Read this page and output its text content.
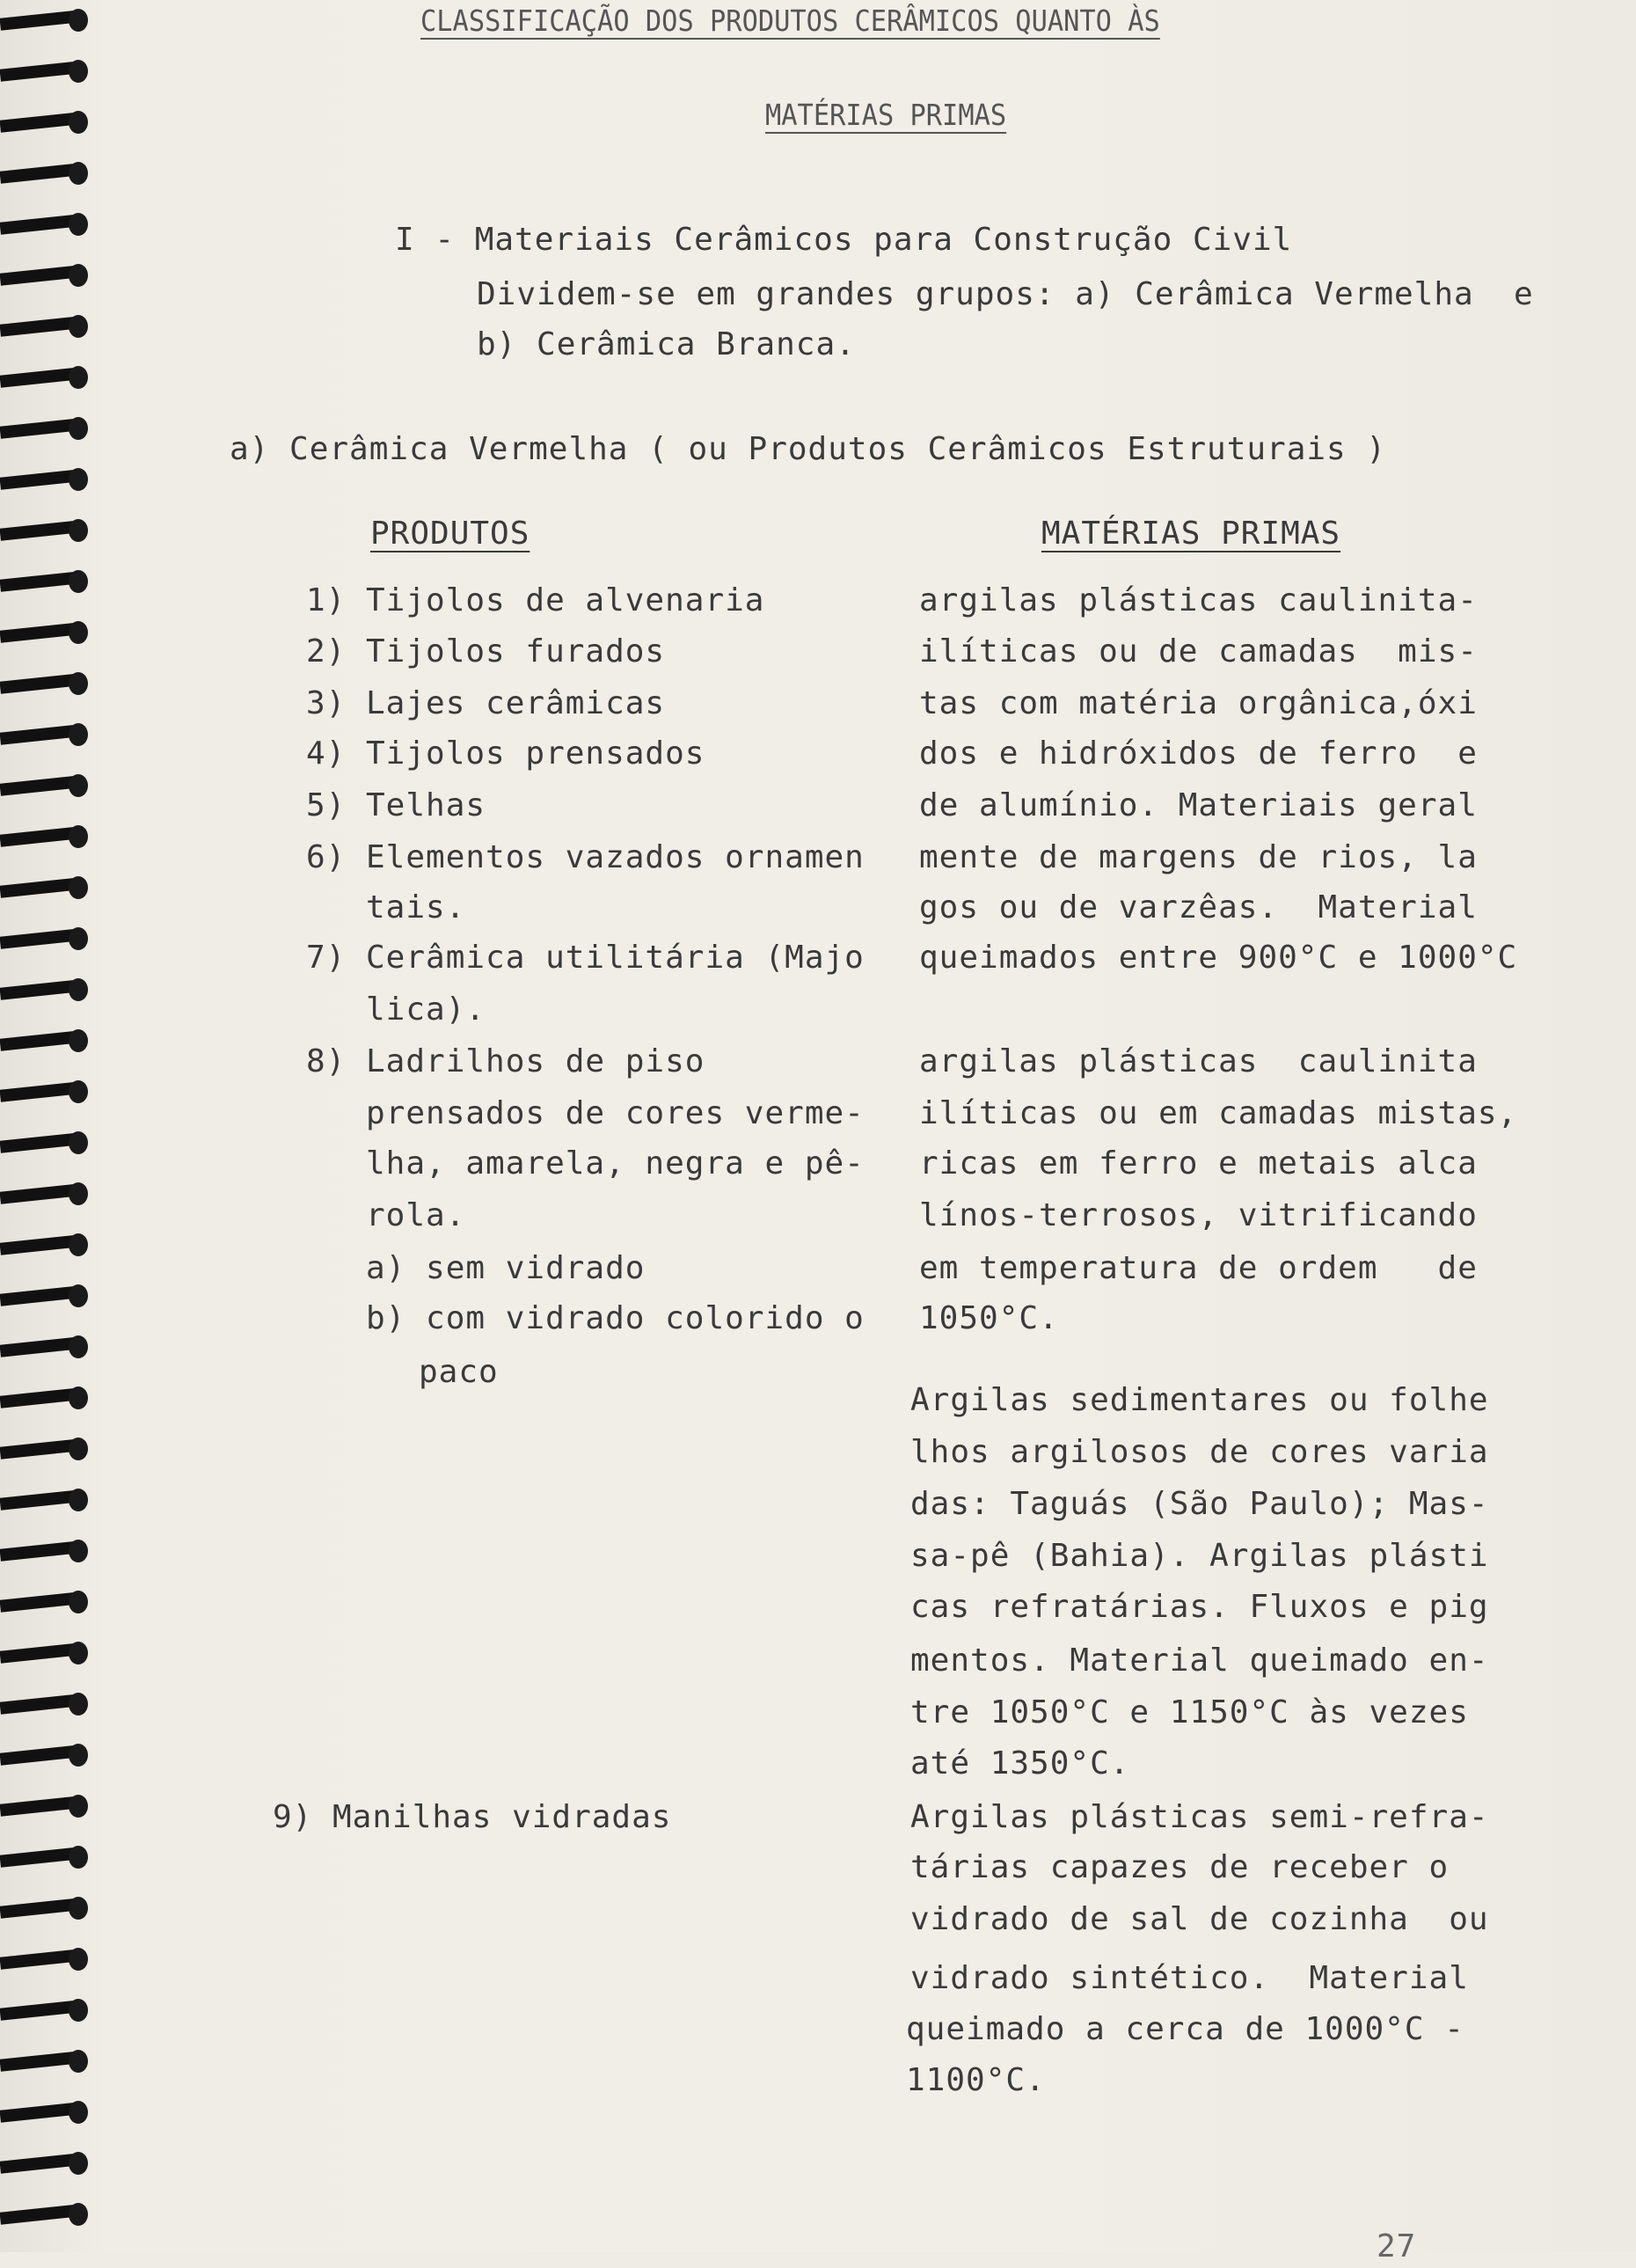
CLASSIFICAÇÃO DOS PRODUTOS CERÂMICOS QUANTO ÀS
MATÉRIAS PRIMAS
I - Materiais Cerâmicos para Construção Civil
Dividem-se em grandes grupos: a) Cerâmica Vermelha  e
b) Cerâmica Branca.
a) Cerâmica Vermelha ( ou Produtos Cerâmicos Estruturais )
PRODUTOS	MATÉRIAS PRIMAS
1) Tijolos de alvenaria
2) Tijolos furados
3) Lajes cerâmicas
4) Tijolos prensados
5) Telhas
6) Elementos vazados ornamen
tais.
7) Cerâmica utilitária (Majo
lica).
8) Ladrilhos de piso
prensados de cores verme-
lha, amarela, negra e pê-
rola.
a) sem vidrado
b) com vidrado colorido o
paco
9) Manilhas vidradas
argilas plásticas caulinita-
ilíticas ou de camadas  mis-
tas com matéria orgânica,óxi
dos e hidróxidos de ferro  e
de alumínio. Materiais geral
mente de margens de rios, la
gos ou de varzêas.  Material
queimados entre 900°C e 1000°C
argilas plásticas  caulinita
ilíticas ou em camadas mistas,
ricas em ferro e metais alca
línos-terrosos, vitrificando
em temperatura de ordem   de
1050°C.
Argilas sedimentares ou folhe
lhos argilosos de cores varia
das: Taguás (São Paulo); Mas-
sa-pê (Bahia). Argilas plásti
cas refratárias. Fluxos e pig
mentos. Material queimado en-
tre 1050°C e 1150°C às vezes
até 1350°C.
Argilas plásticas semi-refra-
tárias capazes de receber o
vidrado de sal de cozinha  ou
vidrado sintético.  Material
queimado a cerca de 1000°C -
1100°C.
27
